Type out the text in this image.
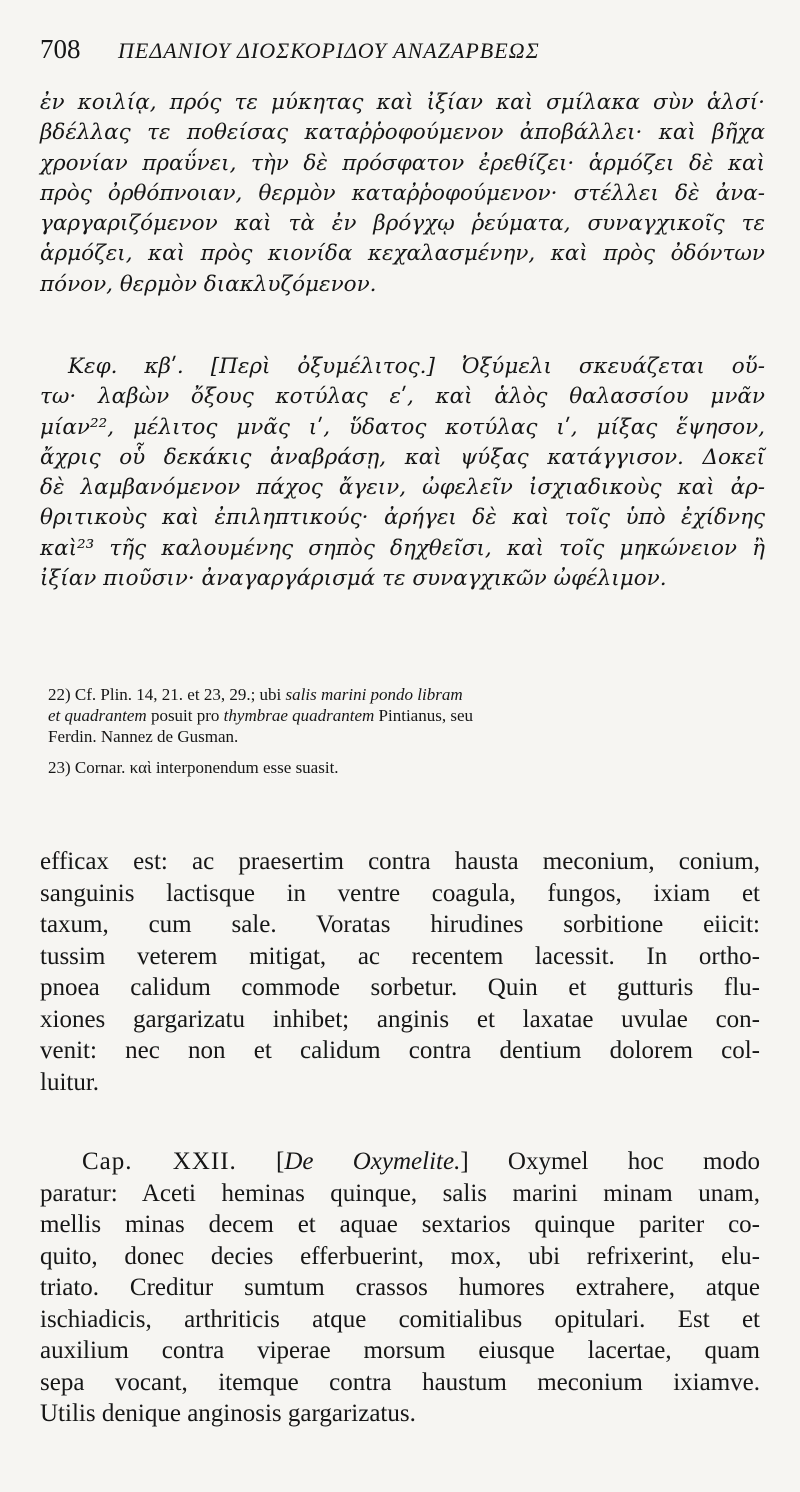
708 ΠΕΔΑΝΙΟΥ ΔΙΟΣΚΟΡΙΔΟΥ ΑΝΑΖΑΡΒΕΩΣ
ἐν κοιλίᾳ, πρός τε μύκητας καὶ ἰξίαν καὶ σμίλακα σὺν ἁλσί·
βδέλλας τε ποθείσας καταῤῥοφούμενον ἀποβάλλει· καὶ βῆχα
χρονίαν πραΰνει, τὴν δὲ πρόσφατον ἐρεθίζει· ἁρμόζει δὲ καὶ
πρὸς ὀρθόπνοιαν, θερμὸν καταῤῥοφούμενον· στέλλει δὲ ἀνα-
γαργαριζόμενον καὶ τὰ ἐν βρόγχῳ ῥεύματα, συναγχικοῖς τε
ἁρμόζει, καὶ πρὸς κιονίδα κεχαλασμένην, καὶ πρὸς ὀδόντων
πόνον, θερμὸν διακλυζόμενον.
Κεφ. κβʹ. [Περὶ ὀξυμέλιτος.] Ὀξύμελι σκευάζεται οὕ-
τω· λαβὼν ὄξους κοτύλας εʹ, καὶ ἁλὸς θαλασσίου μνᾶν
μίαν²², μέλιτος μνᾶς ιʹ, ὕδατος κοτύλας ιʹ, μίξας ἕψησον,
ἄχρις οὗ δεκάκις ἀναβράσῃ, καὶ ψύξας κατάγγισον. Δοκεῖ
δὲ λαμβανόμενον πάχος ἄγειν, ὠφελεῖν ἰσχιαδικοὺς καὶ ἀρ-
θριτικοὺς καὶ ἐπιληπτικούς· ἀρήγει δὲ καὶ τοῖς ὑπὸ ἐχίδνης
καὶ²³ τῆς καλουμένης σηπὸς δηχθεῖσι, καὶ τοῖς μηκώνειον ἢ
ἰξίαν πιοῦσιν· ἀναγαργάρισμά τε συναγχικῶν ὠφέλιμον.
22) Cf. Plin. 14, 21. et 23, 29.; ubi salis marini pondo libram
et quadrantem posuit pro thymbrae quadrantem Pintianus, seu
Ferdin. Nannez de Gusman.
23) Cornar. καὶ interponendum esse suasit.
efficax est: ac praesertim contra hausta meconium, conium,
sanguinis lactisque in ventre coagula, fungos, ixiam et
taxum, cum sale. Voratas hirudines sorbitione eiicit:
tussim veterem mitigat, ac recentem lacessit. In ortho-
pnoea calidum commode sorbetur. Quin et gutturis flu-
xiones gargarizatu inhibet; anginis et laxatae uvulae con-
venit: nec non et calidum contra dentium dolorem col-
luitur.
Cap. XXII. [De Oxymelite.] Oxymel hoc modo
paratur: Aceti heminas quinque, salis marini minam unam,
mellis minas decem et aquae sextarios quinque pariter co-
quito, donec decies efferbuerint, mox, ubi refrixerint, elu-
triato. Creditur sumtum crassos humores extrahere, atque
ischiadicis, arthriticis atque comitialibus opitulari. Est et
auxilium contra viperae morsum eiusque lacertae, quam
sepa vocant, itemque contra haustum meconium ixiamve.
Utilis denique anginosis gargarizatus.
